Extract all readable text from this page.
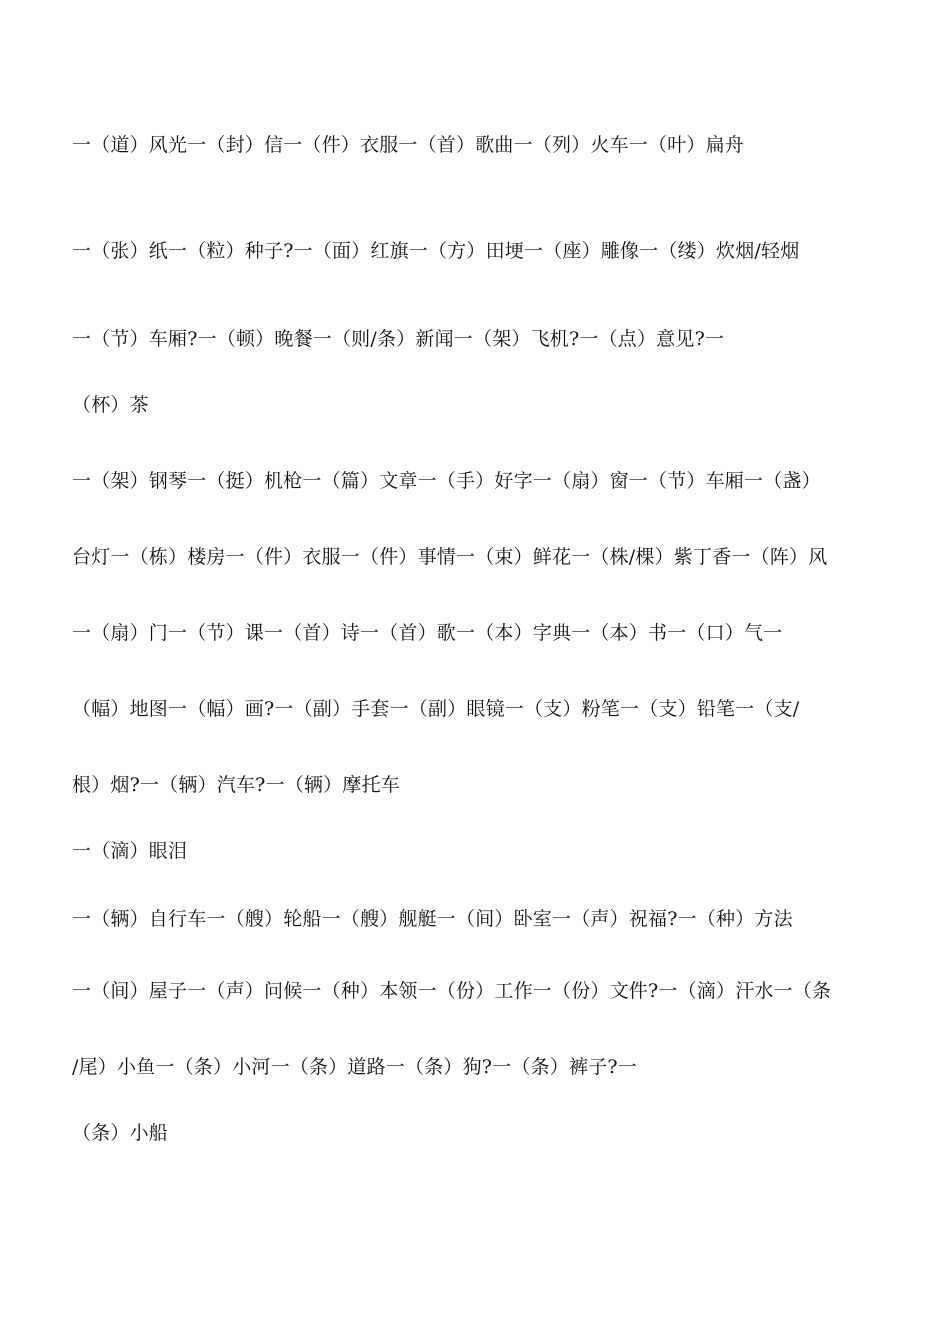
一（道）风光一（封）信一（件）衣服一（首）歌曲一（列）火车一（叶）扁舟
一（张）纸一（粒）种子?一（面）红旗一（方）田埂一（座）雕像一（缕）炊烟/轻烟
一（节）车厢?一（顿）晚餐一（则/条）新闻一（架）飞机?一（点）意见?一
（杯）茶
一（架）钢琴一（挺）机枪一（篇）文章一（手）好字一（扇）窗一（节）车厢一（盏）
台灯一（栋）楼房一（件）衣服一（件）事情一（束）鲜花一（株/棵）紫丁香一（阵）风
一（扇）门一（节）课一（首）诗一（首）歌一（本）字典一（本）书一（口）气一
（幅）地图一（幅）画?一（副）手套一（副）眼镜一（支）粉笔一（支）铅笔一（支/
根）烟?一（辆）汽车?一（辆）摩托车
一（滴）眼泪
一（辆）自行车一（艘）轮船一（艘）舰艇一（间）卧室一（声）祝福?一（种）方法
一（间）屋子一（声）问候一（种）本领一（份）工作一（份）文件?一（滴）汗水一（条
/尾）小鱼一（条）小河一（条）道路一（条）狗?一（条）裤子?一
（条）小船
